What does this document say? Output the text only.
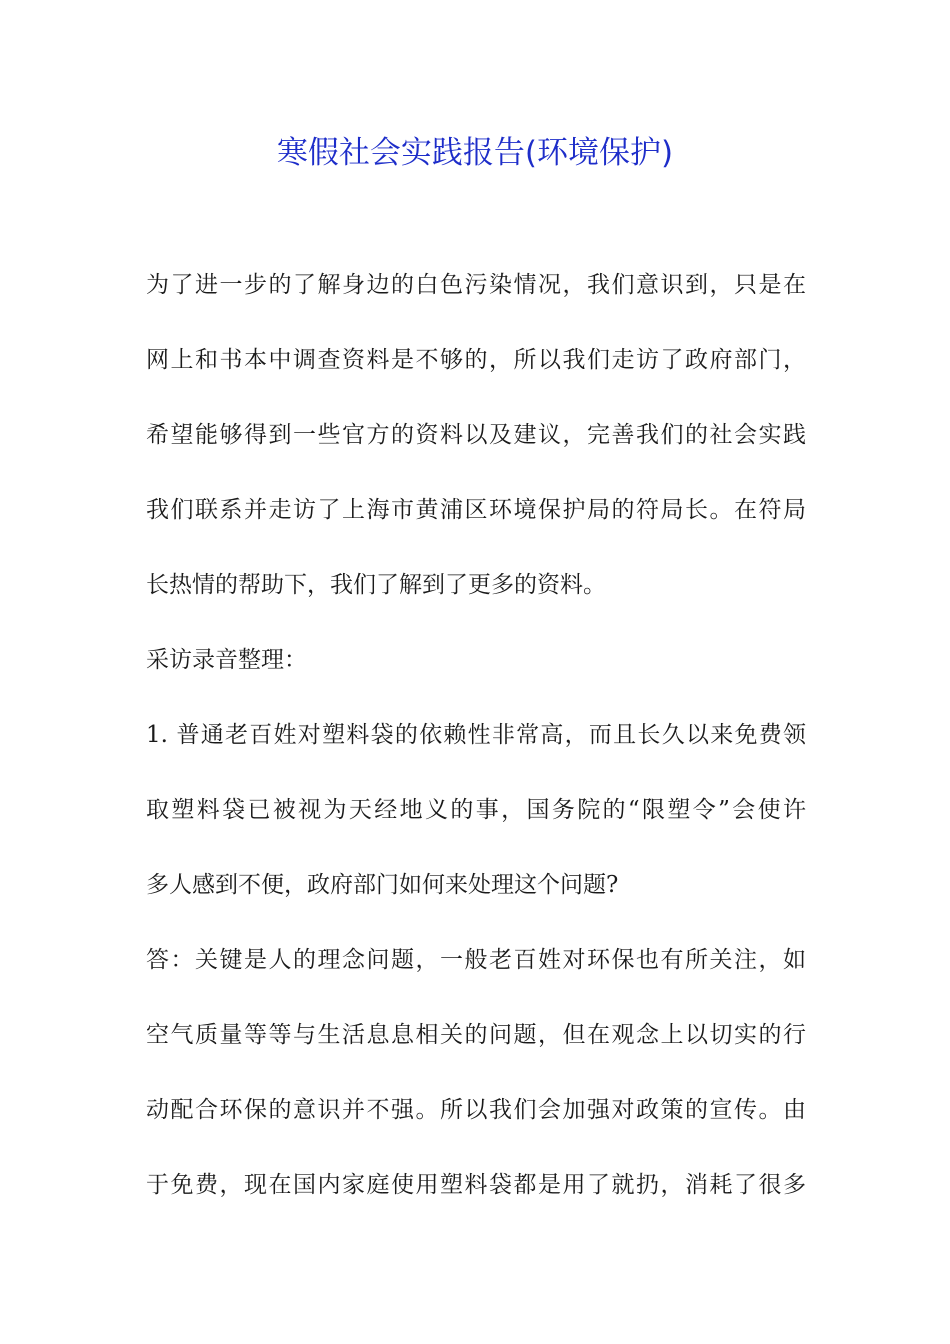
寒假社会实践报告(环境保护)

为了进一步的了解身边的白色污染情况，我们意识到，只是在

网上和书本中调查资料是不够的，所以我们走访了政府部门，

希望能够得到一些官方的资料以及建议，完善我们的社会实践

我们联系并走访了上海市黄浦区环境保护局的符局长。在符局

长热情的帮助下，我们了解到了更多的资料。

采访录音整理：

1. 普通老百姓对塑料袋的依赖性非常高，而且长久以来免费领

取塑料袋已被视为天经地义的事，国务院的“限塑令”会使许

多人感到不便，政府部门如何来处理这个问题?

答：关键是人的理念问题，一般老百姓对环保也有所关注，如

空气质量等等与生活息息相关的问题，但在观念上以切实的行

动配合环保的意识并不强。所以我们会加强对政策的宣传。由

于免费，现在国内家庭使用塑料袋都是用了就扔，消耗了很多
